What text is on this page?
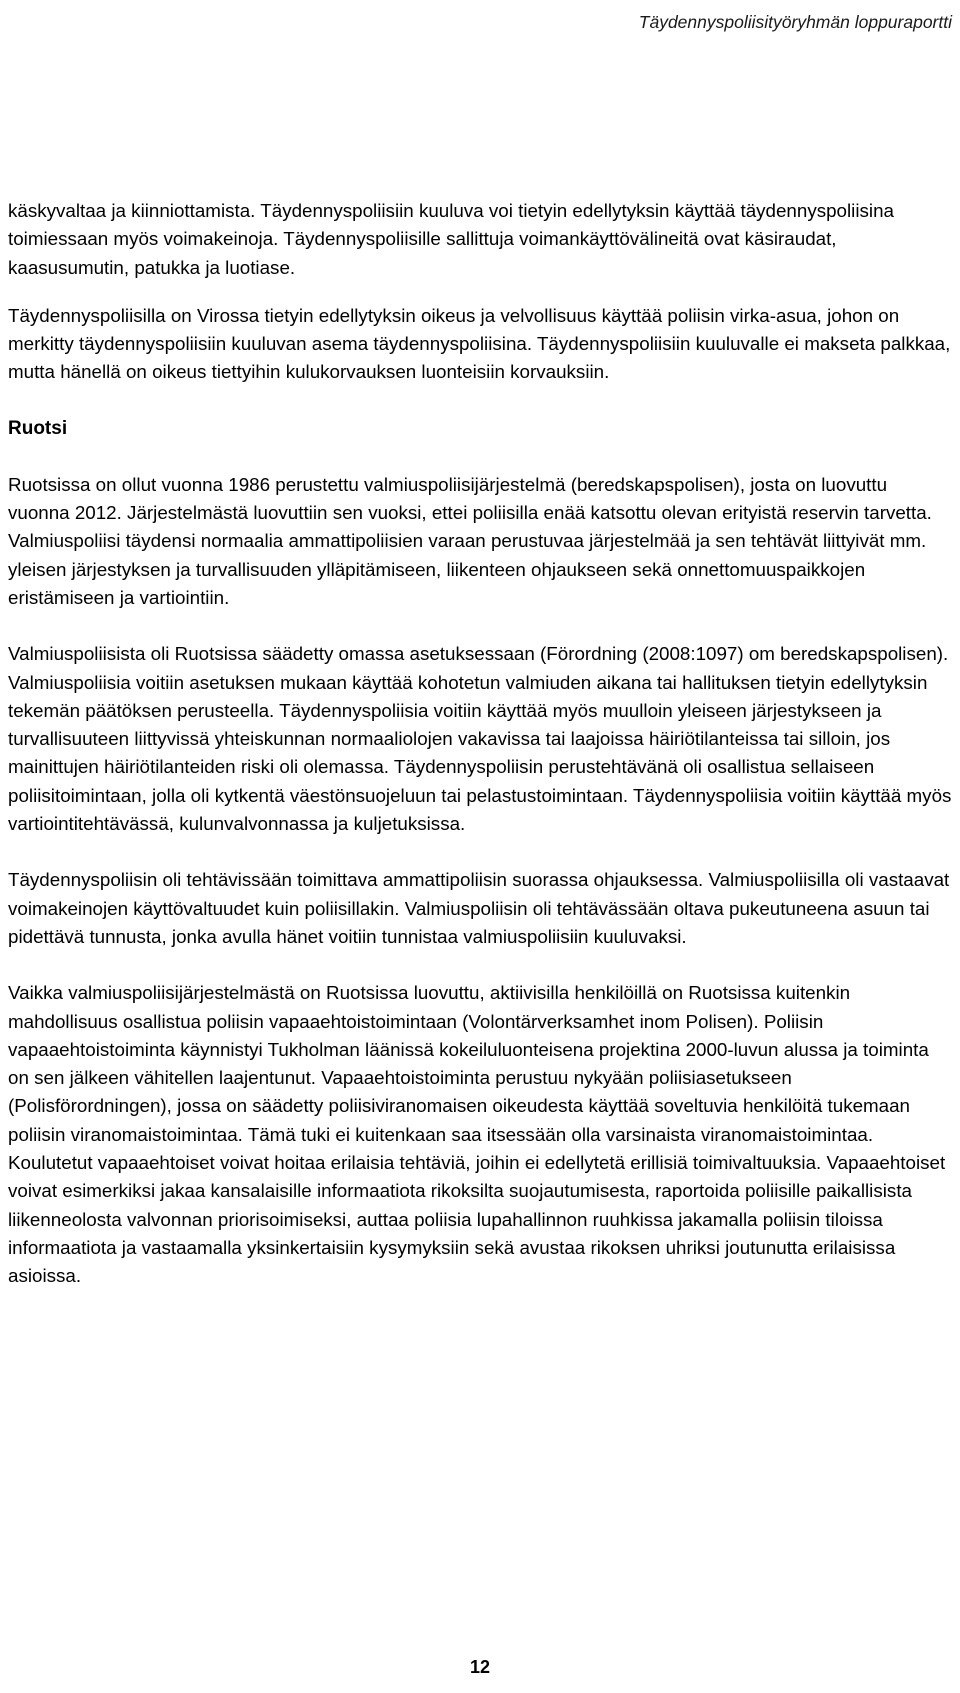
Täydennyspoliisityöryhmän loppuraportti

käskyvaltaa ja kiinniottamista. Täydennyspoliisiin kuuluva voi tietyin edellytyksin käyttää täydennyspoliisina toimiessaan myös voimakeinoja. Täydennyspoliisille sallittuja voimankäyttövälineitä ovat käsiraudat, kaasusumutin, patukka ja luotiase.

Täydennyspoliisilla on Virossa tietyin edellytyksin oikeus ja velvollisuus käyttää poliisin virka-asua, johon on merkitty täydennyspoliisiin kuuluvan asema täydennyspoliisina. Täydennyspoliisiin kuuluvalle ei makseta palkkaa, mutta hänellä on oikeus tiettyihin kulukorvauksen luonteisiin korvauksiin.

Ruotsi

Ruotsissa on ollut vuonna 1986 perustettu valmiuspoliisijärjestelmä (beredskapspolisen), josta on luovuttu vuonna 2012. Järjestelmästä luovuttiin sen vuoksi, ettei poliisilla enää katsottu olevan erityistä reservin tarvetta. Valmiuspoliisi täydensi normaalia ammattipoliisien varaan perustuvaa järjestelmää ja sen tehtävät liittyivät mm. yleisen järjestyksen ja turvallisuuden ylläpitämiseen, liikenteen ohjaukseen sekä onnettomuuspaikkojen eristämiseen ja vartiointiin.

Valmiuspoliisista oli Ruotsissa säädetty omassa asetuksessaan (Förordning (2008:1097) om beredskapspolisen). Valmiuspoliisia voitiin asetuksen mukaan käyttää kohotetun valmiuden aikana tai hallituksen tietyin edellytyksin tekemän päätöksen perusteella. Täydennyspoliisia voitiin käyttää myös muulloin yleiseen järjestykseen ja turvallisuuteen liittyvissä yhteiskunnan normaaliolojen vakavissa tai laajoissa häiriötilanteissa tai silloin, jos mainittujen häiriötilanteiden riski oli olemassa. Täydennyspoliisin perustehtävänä oli osallistua sellaiseen poliisitoimintaan, jolla oli kytkentä väestönsuojeluun tai pelastustoimintaan. Täydennyspoliisia voitiin käyttää myös vartiointitehtävässä, kulunvalvonnassa ja kuljetuksissa.

Täydennyspoliisin oli tehtävissään toimittava ammattipoliisin suorassa ohjauksessa. Valmiuspoliisilla oli vastaavat voimakeinojen käyttövaltuudet kuin poliisillakin. Valmiuspoliisin oli tehtävässään oltava pukeutuneena asuun tai pidettävä tunnusta, jonka avulla hänet voitiin tunnistaa valmiuspoliisiin kuuluvaksi.

Vaikka valmiuspoliisijärjestelmästä on Ruotsissa luovuttu, aktiivisilla henkilöillä on Ruotsissa kuitenkin mahdollisuus osallistua poliisin vapaaehtoistoimintaan (Volontärverksamhet inom Polisen). Poliisin vapaaehtoistoiminta käynnistyi Tukholman läänissä kokeiluluonteisena projektina 2000-luvun alussa ja toiminta on sen jälkeen vähitellen laajentunut. Vapaaehtoistoiminta perustuu nykyään poliisiasetukseen (Polisförordningen), jossa on säädetty poliisiviranomaisen oikeudesta käyttää soveltuvia henkilöitä tukemaan poliisin viranomaistoimintaa. Tämä tuki ei kuitenkaan saa itsessään olla varsinaista viranomaistoimintaa. Koulutetut vapaaehtoiset voivat hoitaa erilaisia tehtäviä, joihin ei edellytetä erillisiä toimivaltuuksia. Vapaaehtoiset voivat esimerkiksi jakaa kansalaisille informaatiota rikoksilta suojautumisesta, raportoida poliisille paikallisista liikenneolosta valvonnan priorisoimiseksi, auttaa poliisia lupahallinnon ruuhkissa jakamalla poliisin tiloissa informaatiota ja vastaamalla yksinkertaisiin kysymyksiin sekä avustaa rikoksen uhriksi joutunutta erilaisissa asioissa.

12
